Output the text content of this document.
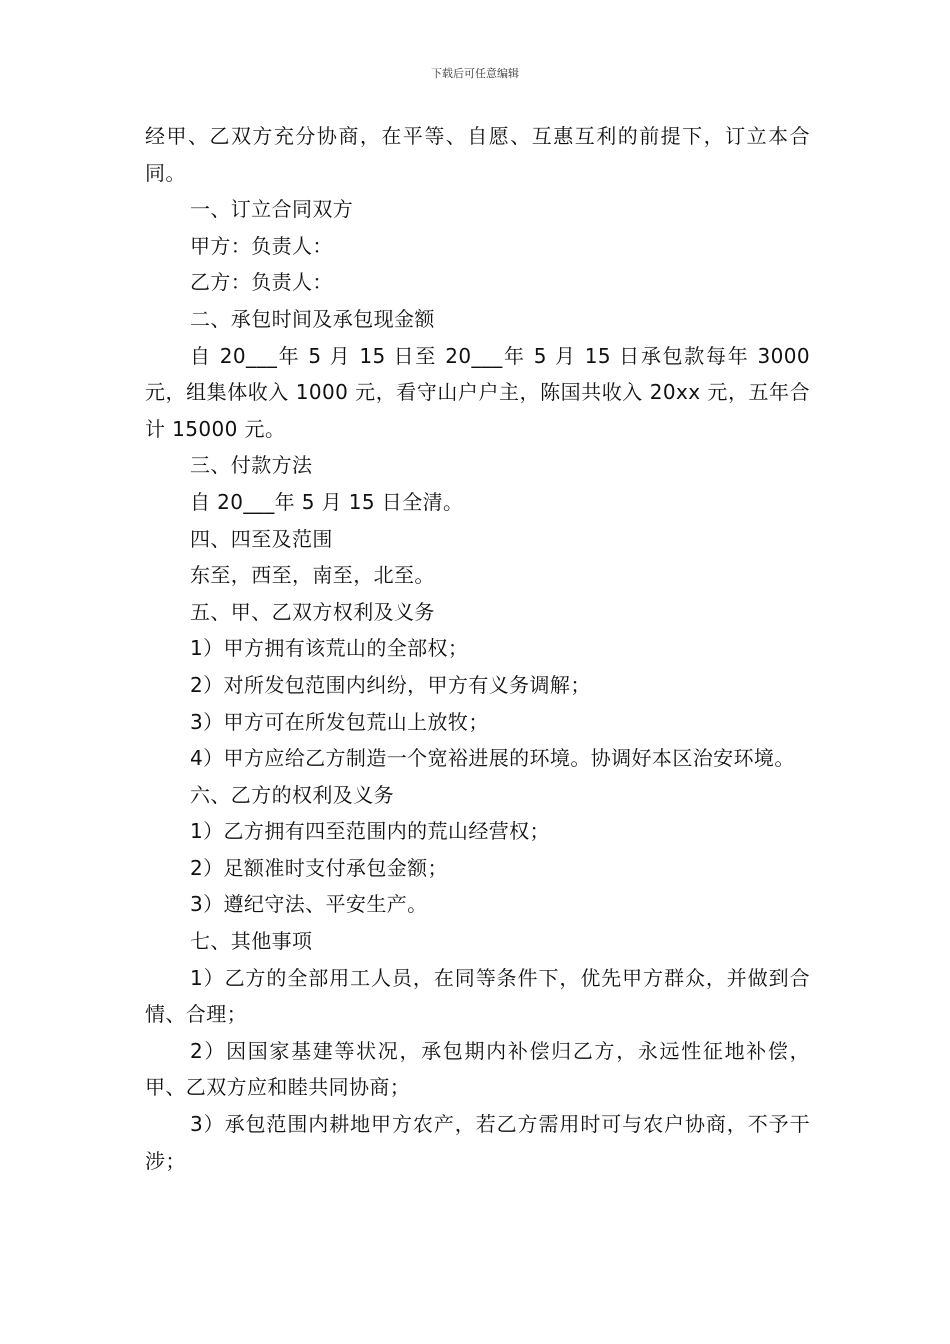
下载后可任意编辑

经甲、乙双方充分协商，在平等、自愿、互惠互利的前提下，订立本合同。

一、订立合同双方

甲方：负责人：

乙方：负责人：

二、承包时间及承包现金额

自 20___年 5 月 15 日至 20___年 5 月 15 日承包款每年 3000 元，组集体收入 1000 元，看守山户户主，陈国共收入 20xx 元，五年合计 15000 元。

三、付款方法

自 20___年 5 月 15 日全清。

四、四至及范围

东至，西至，南至，北至。

五、甲、乙双方权利及义务

1）甲方拥有该荒山的全部权；

2）对所发包范围内纠纷，甲方有义务调解；

3）甲方可在所发包荒山上放牧；

4）甲方应给乙方制造一个宽裕进展的环境。协调好本区治安环境。

六、乙方的权利及义务

1）乙方拥有四至范围内的荒山经营权；

2）足额准时支付承包金额；

3）遵纪守法、平安生产。

七、其他事项

1）乙方的全部用工人员，在同等条件下，优先甲方群众，并做到合情、合理；

2）因国家基建等状况，承包期内补偿归乙方，永远性征地补偿，甲、乙双方应和睦共同协商；

3）承包范围内耕地甲方农产，若乙方需用时可与农户协商，不予干涉；
